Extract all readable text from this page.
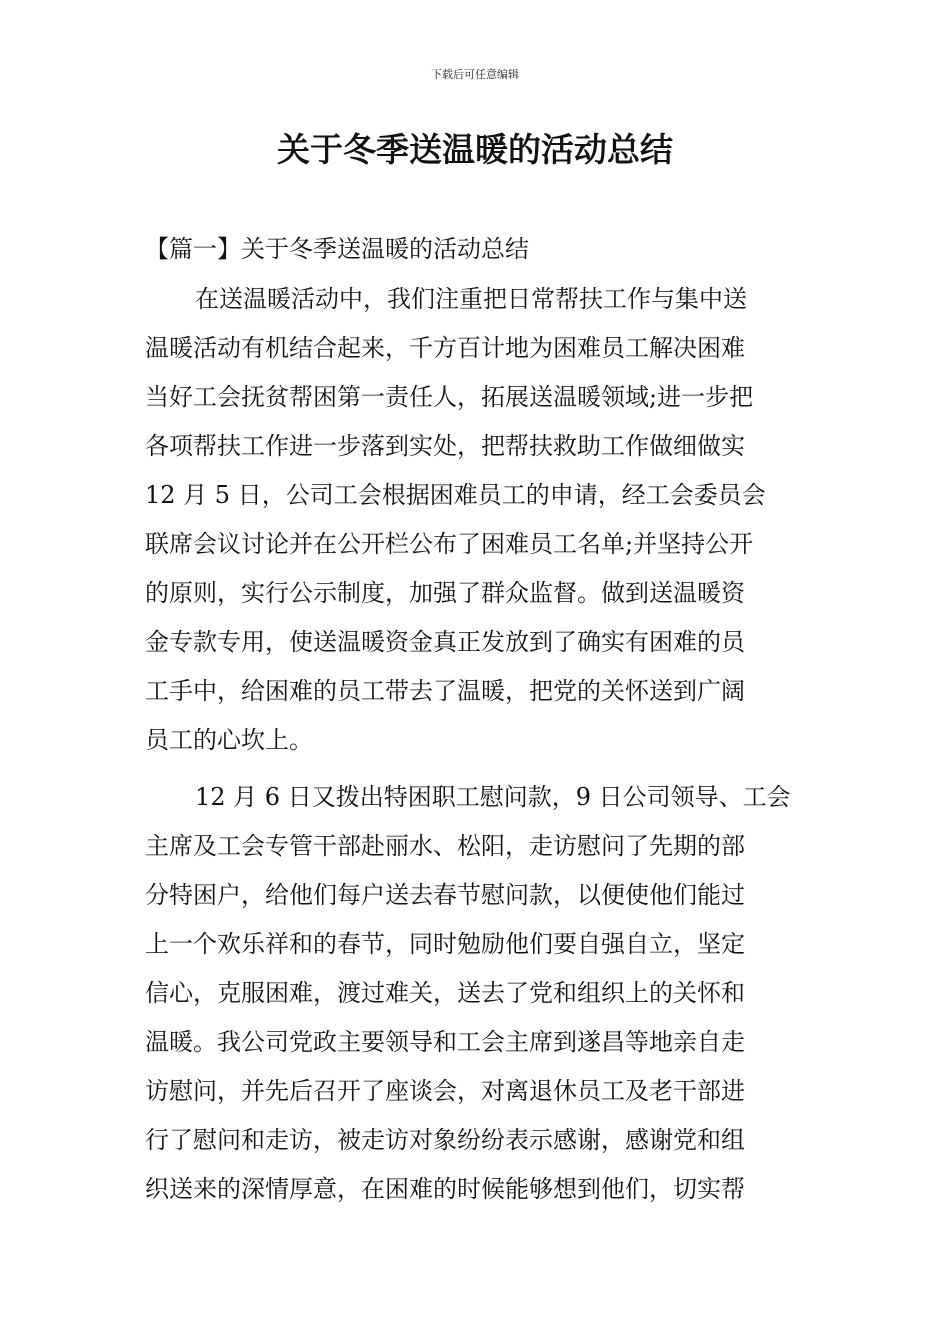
下载后可任意编辑
关于冬季送温暖的活动总结
【篇一】关于冬季送温暖的活动总结
在送温暖活动中，我们注重把日常帮扶工作与集中送
温暖活动有机结合起来，千方百计地为困难员工解决困难
当好工会抚贫帮困第一责任人，拓展送温暖领域;进一步把
各项帮扶工作进一步落到实处，把帮扶救助工作做细做实
12 月 5 日，公司工会根据困难员工的申请，经工会委员会
联席会议讨论并在公开栏公布了困难员工名单;并坚持公开
的原则，实行公示制度，加强了群众监督。做到送温暖资
金专款专用，使送温暖资金真正发放到了确实有困难的员
工手中，给困难的员工带去了温暖，把党的关怀送到广阔
员工的心坎上。
12 月 6 日又拨出特困职工慰问款，9 日公司领导、工会
主席及工会专管干部赴丽水、松阳，走访慰问了先期的部
分特困户，给他们每户送去春节慰问款，以便使他们能过
上一个欢乐祥和的春节，同时勉励他们要自强自立，坚定
信心，克服困难，渡过难关，送去了党和组织上的关怀和
温暖。我公司党政主要领导和工会主席到遂昌等地亲自走
访慰问，并先后召开了座谈会，对离退休员工及老干部进
行了慰问和走访，被走访对象纷纷表示感谢，感谢党和组
织送来的深情厚意，在困难的时候能够想到他们，切实帮
